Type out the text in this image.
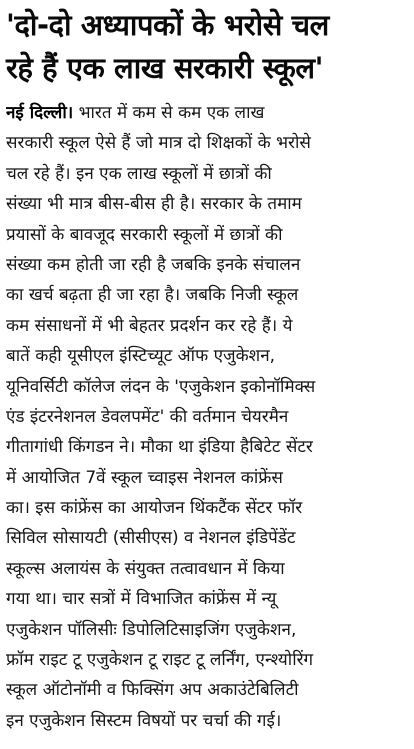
'दो-दो अध्यापकों के भरोसे चल
रहे हैं एक लाख सरकारी स्कूल'
नई दिल्ली। भारत में कम से कम एक लाख
सरकारी स्कूल ऐसे हैं जो मात्र दो शिक्षकों के भरोसे
चल रहे हैं। इन एक लाख स्कूलों में छात्रों की
संख्या भी मात्र बीस-बीस ही है। सरकार के तमाम
प्रयासों के बावजूद सरकारी स्कूलों में छात्रों की
संख्या कम होती जा रही है जबकि इनके संचालन
का खर्च बढ़ता ही जा रहा है। जबकि निजी स्कूल
कम संसाधनों में भी बेहतर प्रदर्शन कर रहे हैं। ये
बातें कही यूसीएल इंस्टिच्यूट ऑफ एजुकेशन,
यूनिवर्सिटी कॉलेज लंदन के 'एजुकेशन इकोनॉमिक्स
एंड इंटरनेशनल डेवलपमेंट' की वर्तमान चेयरमैन
गीतागांधी किंगडन ने। मौका था इंडिया हैबिटेट सेंटर
में आयोजित 7वें स्कूल च्वाइस नेशनल कांफ्रेंस
का। इस कांफ्रेंस का आयोजन थिंकटैंक सेंटर फॉर
सिविल सोसायटी (सीसीएस) व नेशनल इंडिपेंडेंट
स्कूल्स अलायंस के संयुक्त तत्वावधान में किया
गया था। चार सत्रों में विभाजित कांफ्रेंस में न्यू
एजुकेशन पॉलिसीः डिपोलिटिसाइजिंग एजुकेशन,
फ्रॉम राइट टू एजुकेशन टू राइट टू लर्निंग, एन्श्योरिंग
स्कूल ऑटोनॉमी व फिक्सिंग अप अकाउंटेबिलिटी
इन एजुकेशन सिस्टम विषयों पर चर्चा की गई।
